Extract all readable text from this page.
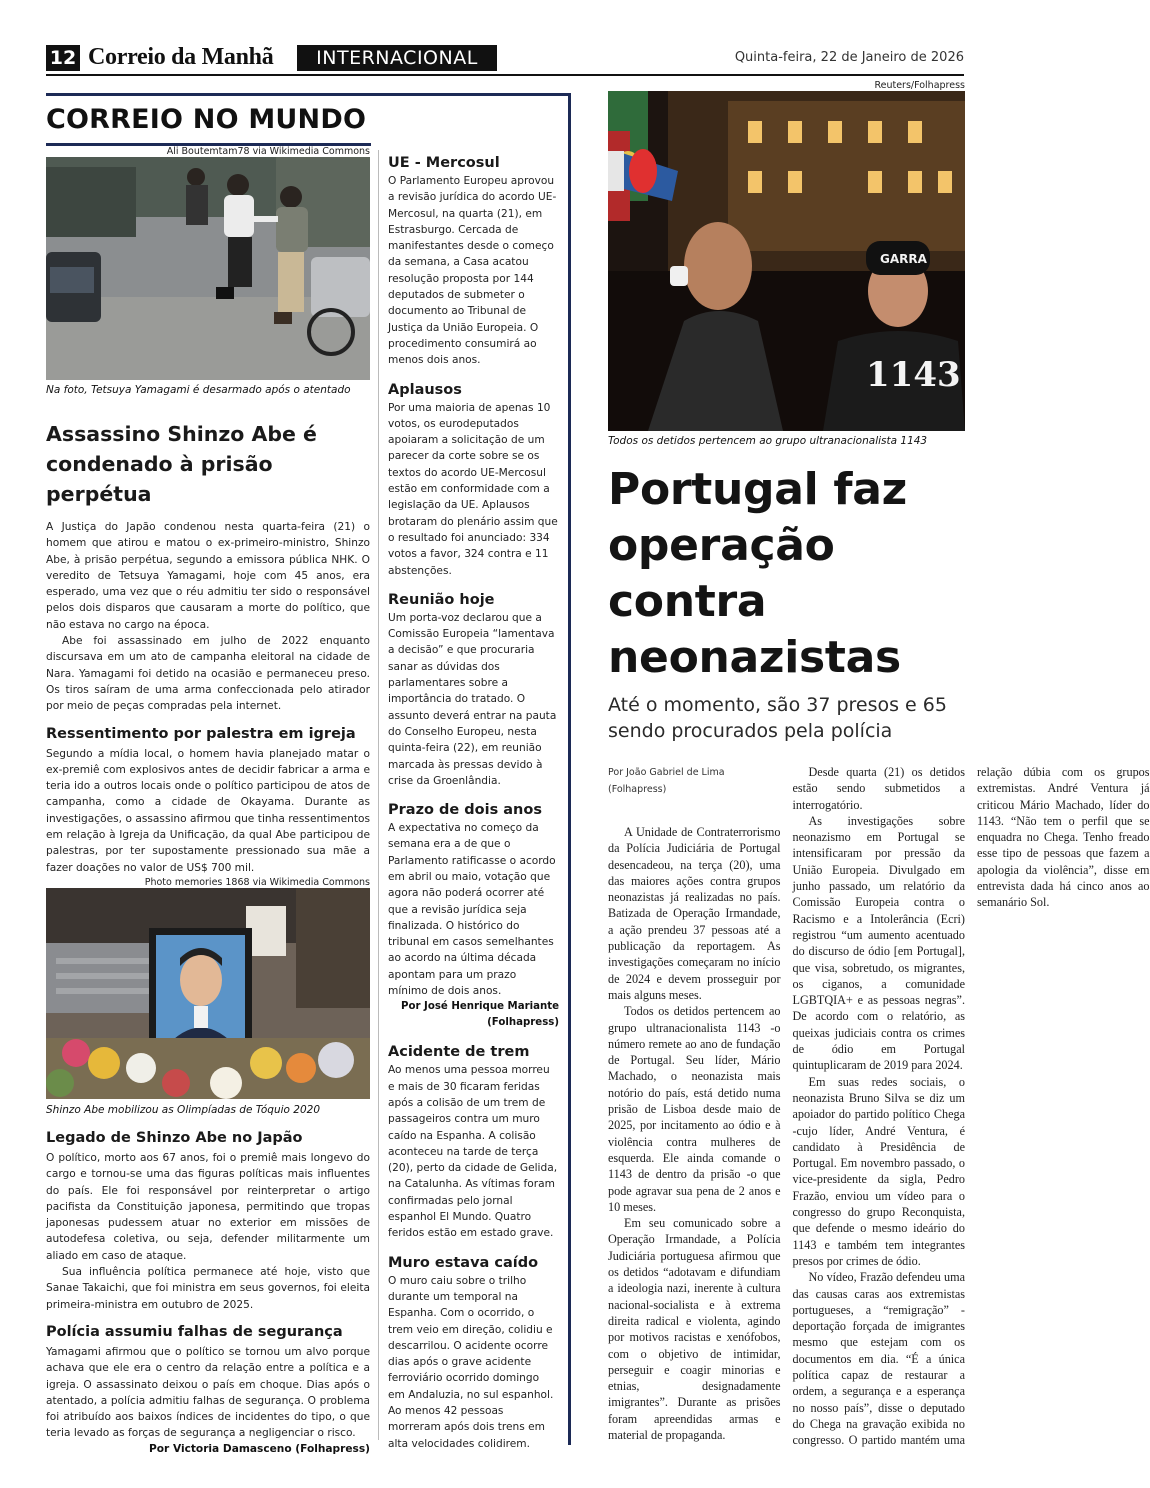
12 Correio da Manhã	INTERNACIONAL	Quinta-feira, 22 de Janeiro de 2026
CORREIO NO MUNDO
Ali Boutemtam78 via Wikimedia Commons
Na foto, Tetsuya Yamagami é desarmado após o atentado
Assassino Shinzo Abe é condenado à prisão perpétua

A Justiça do Japão condenou nesta quarta-feira (21) o homem que atirou e matou o ex-primeiro-ministro, Shinzo Abe, à prisão perpétua, segundo a emissora pública NHK. O veredito de Tetsuya Yamagami, hoje com 45 anos, era esperado, uma vez que o réu admitiu ter sido o responsável pelos dois disparos que causaram a morte do político, que não estava no cargo na época.

Abe foi assassinado em julho de 2022 enquanto discursava em um ato de campanha eleitoral na cidade de Nara. Yamagami foi detido na ocasião e permaneceu preso. Os tiros saíram de uma arma confeccionada pelo atirador por meio de peças compradas pela internet.

Ressentimento por palestra em igreja

Segundo a mídia local, o homem havia planejado matar o ex-premiê com explosivos antes de decidir fabricar a arma e teria ido a outros locais onde o político participou de atos de campanha, como a cidade de Okayama. Durante as investigações, o assassino afirmou que tinha ressentimentos em relação à Igreja da Unificação, da qual Abe participou de palestras, por ter supostamente pressionado sua mãe a fazer doações no valor de US$ 700 mil.

Photo memories 1868 via Wikimedia Commons
Shinzo Abe mobilizou as Olimpíadas de Tóquio 2020
Legado de Shinzo Abe no Japão

O político, morto aos 67 anos, foi o premiê mais longevo do cargo e tornou-se uma das figuras políticas mais influentes do país. Ele foi responsável por reinterpretar o artigo pacifista da Constituição japonesa, permitindo que tropas japonesas pudessem atuar no exterior em missões de autodefesa coletiva, ou seja, defender militarmente um aliado em caso de ataque.

Sua influência política permanece até hoje, visto que Sanae Takaichi, que foi ministra em seus governos, foi eleita primeira-ministra em outubro de 2025.

Polícia assumiu falhas de segurança

Yamagami afirmou que o político se tornou um alvo porque achava que ele era o centro da relação entre a política e a igreja. O assassinato deixou o país em choque. Dias após o atentado, a polícia admitiu falhas de segurança. O problema foi atribuído aos baixos índices de incidentes do tipo, o que teria levado as forças de segurança a negligenciar o risco.

Por Victoria Damasceno (Folhapress)
UE - Mercosul

O Parlamento Europeu aprovou a revisão jurídica do acordo UE-Mercosul, na quarta (21), em Estrasburgo. Cercada de manifestantes desde o começo da semana, a Casa acatou resolução proposta por 144 deputados de submeter o documento ao Tribunal de Justiça da União Europeia. O procedimento consumirá ao menos dois anos.

Aplausos

Por uma maioria de apenas 10 votos, os eurodeputados apoiaram a solicitação de um parecer da corte sobre se os textos do acordo UE-Mercosul estão em conformidade com a legislação da UE. Aplausos brotaram do plenário assim que o resultado foi anunciado: 334 votos a favor, 324 contra e 11 abstenções.

Reunião hoje

Um porta-voz declarou que a Comissão Europeia “lamentava a decisão” e que procuraria sanar as dúvidas dos parlamentares sobre a importância do tratado. O assunto deverá entrar na pauta do Conselho Europeu, nesta quinta-feira (22), em reunião marcada às pressas devido à crise da Groenlândia.

Prazo de dois anos

A expectativa no começo da semana era a de que o Parlamento ratificasse o acordo em abril ou maio, votação que agora não poderá ocorrer até que a revisão jurídica seja finalizada. O histórico do tribunal em casos semelhantes ao acordo na última década apontam para um prazo mínimo de dois anos.

Por José Henrique Mariante (Folhapress)

Acidente de trem

Ao menos uma pessoa morreu e mais de 30 ficaram feridas após a colisão de um trem de passageiros contra um muro caído na Espanha. A colisão aconteceu na tarde de terça (20), perto da cidade de Gelida, na Catalunha. As vítimas foram confirmadas pelo jornal espanhol El Mundo. Quatro feridos estão em estado grave.

Muro estava caído

O muro caiu sobre o trilho durante um temporal na Espanha. Com o ocorrido, o trem veio em direção, colidiu e descarrilou. O acidente ocorre dias após o grave acidente ferroviário ocorrido domingo em Andaluzia, no sul espanhol. Ao menos 42 pessoas morreram após dois trens em alta velocidades colidirem.

Reuters/Folhapress
GARRA
1143
Todos os detidos pertencem ao grupo ultranacionalista 1143
Portugal faz operação contra neonazistas
Até o momento, são 37 presos e 65 sendo procurados pela polícia
Por João Gabriel de Lima
(Folhapress)

A Unidade de Contraterrorismo da Polícia Judiciária de Portugal desencadeou, na terça (20), uma das maiores ações contra grupos neonazistas já realizadas no país. Batizada de Operação Irmandade, a ação prendeu 37 pessoas até a publicação da reportagem. As investigações começaram no início de 2024 e devem prosseguir por mais alguns meses.

Todos os detidos pertencem ao grupo ultranacionalista 1143 -o número remete ao ano de fundação de Portugal. Seu líder, Mário Machado, o neonazista mais notório do país, está detido numa prisão de Lisboa desde maio de 2025, por incitamento ao ódio e à violência contra mulheres de esquerda. Ele ainda comande o 1143 de dentro da prisão -o que pode agravar sua pena de 2 anos e 10 meses.

Em seu comunicado sobre a Operação Irmandade, a Polícia Judiciária portuguesa afirmou que os detidos “adotavam e difundiam a ideologia nazi, inerente à cultura nacional-socialista e à extrema direita radical e violenta, agindo por motivos racistas e xenófobos, com o objetivo de intimidar, perseguir e coagir minorias e etnias, designadamente imigrantes”. Durante as prisões foram apreendidas armas e material de propaganda.

Desde quarta (21) os detidos estão sendo submetidos a interrogatório.

As investigações sobre neonazismo em Portugal se intensificaram por pressão da União Europeia. Divulgado em junho passado, um relatório da Comissão Europeia contra o Racismo e a Intolerância (Ecri) registrou “um aumento acentuado do discurso de ódio [em Portugal], que visa, sobretudo, os migrantes, os ciganos, a comunidade LGBTQIA+ e as pessoas negras”. De acordo com o relatório, as queixas judiciais contra os crimes de ódio em Portugal quintuplicaram de 2019 para 2024.

Em suas redes sociais, o neonazista Bruno Silva se diz um apoiador do partido político Chega -cujo líder, André Ventura, é candidato à Presidência de Portugal. Em novembro passado, o vice-presidente da sigla, Pedro Frazão, enviou um vídeo para o congresso do grupo Reconquista, que defende o mesmo ideário do 1143 e também tem integrantes presos por crimes de ódio.

No vídeo, Frazão defendeu uma das causas caras aos extremistas portugueses, a “remigração” -deportação forçada de imigrantes mesmo que estejam com os documentos em dia. “É a única política capaz de restaurar a ordem, a segurança e a esperança no nosso país”, disse o deputado do Chega na gravação exibida no congresso. O partido mantém uma relação dúbia com os grupos extremistas. André Ventura já criticou Mário Machado, líder do 1143. “Não tem o perfil que se enquadra no Chega. Tenho freado esse tipo de pessoas que fazem a apologia da violência”, disse em entrevista dada há cinco anos ao semanário Sol.
